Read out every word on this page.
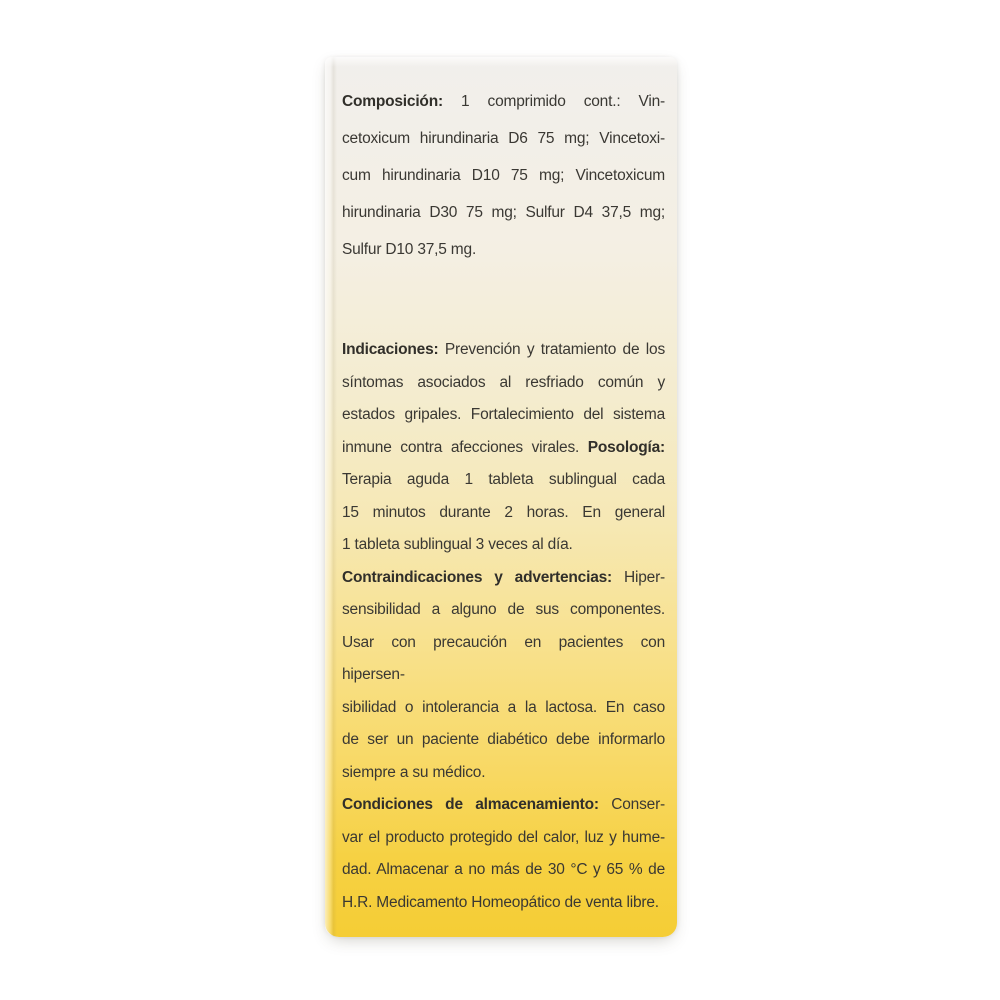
Composición: 1 comprimido cont.: Vin-
cetoxicum hirundinaria D6 75 mg; Vincetoxi-
cum hirundinaria D10 75 mg; Vincetoxicum
hirundinaria D30 75 mg; Sulfur D4 37,5 mg;
Sulfur D10 37,5 mg.
Indicaciones: Prevención y tratamiento de los
síntomas asociados al resfriado común y
estados gripales. Fortalecimiento del sistema
inmune contra afecciones virales. Posología:
Terapia aguda 1 tableta sublingual cada
15 minutos durante 2 horas. En general
1 tableta sublingual 3 veces al día.
Contraindicaciones y advertencias: Hiper-
sensibilidad a alguno de sus componentes.
Usar con precaución en pacientes con hipersen-
sibilidad o intolerancia a la lactosa. En caso
de ser un paciente diabético debe informarlo
siempre a su médico.
Condiciones de almacenamiento: Conser-
var el producto protegido del calor, luz y hume-
dad. Almacenar a no más de 30 °C y 65 % de
H.R. Medicamento Homeopático de venta libre.
